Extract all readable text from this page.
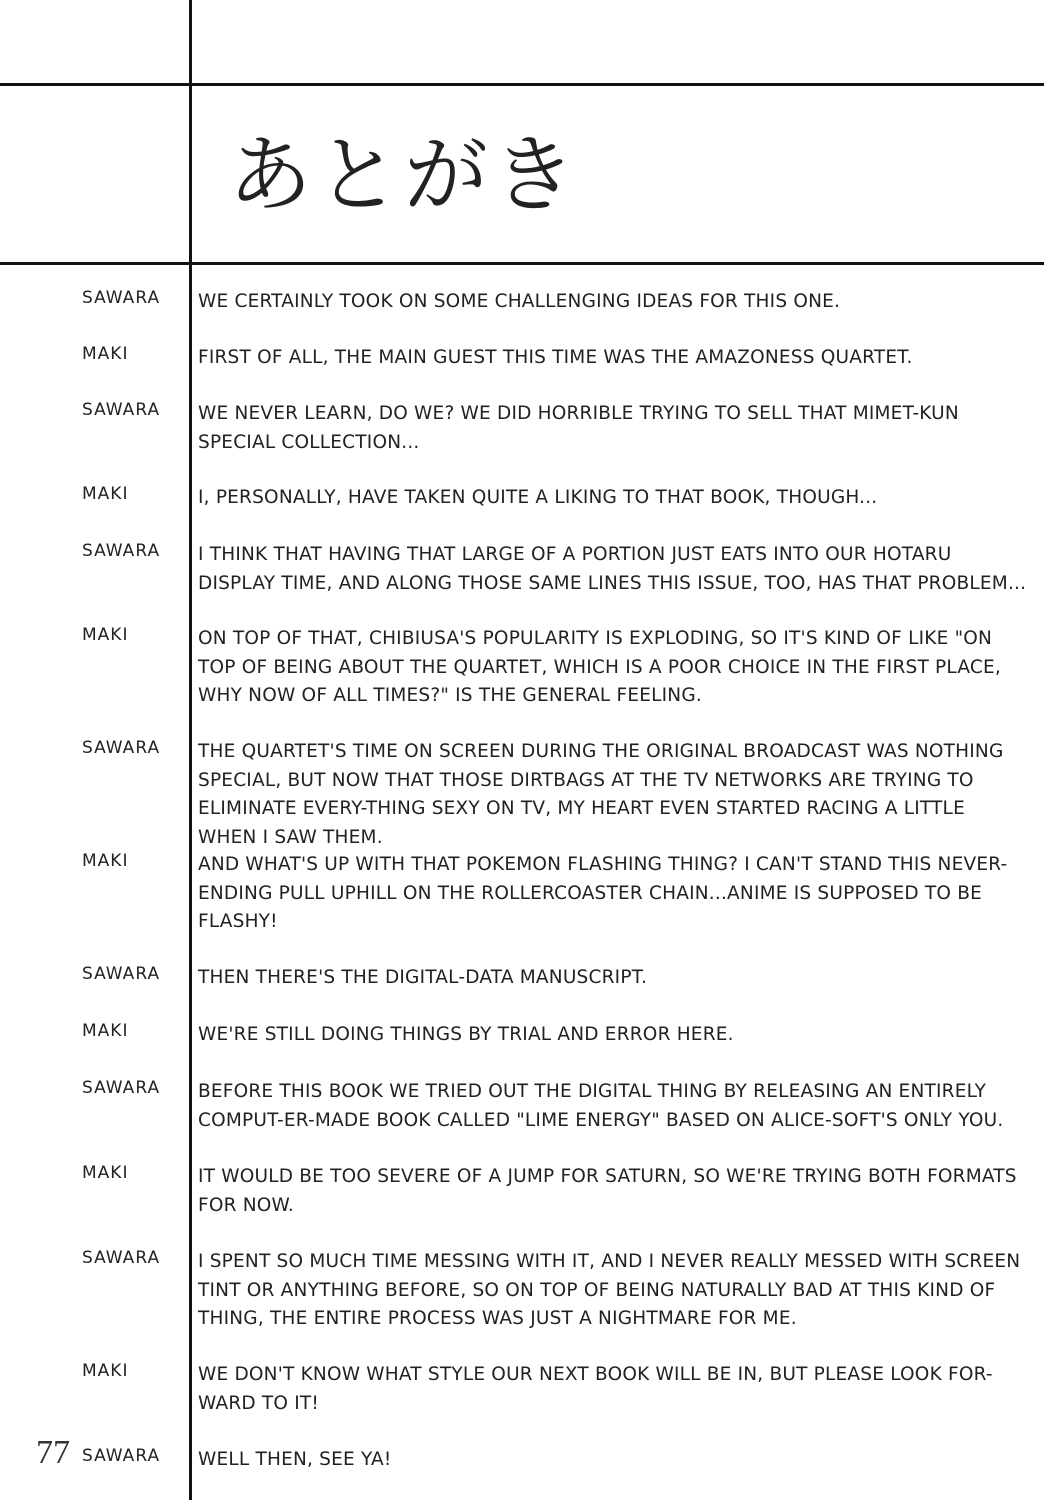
あとがき
SAWARA WE CERTAINLY TOOK ON SOME CHALLENGING IDEAS FOR THIS ONE.
MAKI	FIRST OF ALL, THE MAIN GUEST THIS TIME WAS THE AMAZONESS QUARTET.
SAWARA WE NEVER LEARN, DO WE? WE DID HORRIBLE TRYING TO SELL THAT MIMET-KUN SPECIAL COLLECTION...
MAKI	I, PERSONALLY, HAVE TAKEN QUITE A LIKING TO THAT BOOK, THOUGH...
SAWARA I THINK THAT HAVING THAT LARGE OF A PORTION JUST EATS INTO OUR HOTARU DISPLAY TIME, AND ALONG THOSE SAME LINES THIS ISSUE, TOO, HAS THAT PROBLEM...
MAKI	ON TOP OF THAT, CHIBIUSA'S POPULARITY IS EXPLODING, SO IT'S KIND OF LIKE "ON TOP OF BEING ABOUT THE QUARTET, WHICH IS A POOR CHOICE IN THE FIRST PLACE, WHY NOW OF ALL TIMES?" IS THE GENERAL FEELING.
SAWARA THE QUARTET'S TIME ON SCREEN DURING THE ORIGINAL BROADCAST WAS NOTHING SPECIAL, BUT NOW THAT THOSE DIRTBAGS AT THE TV NETWORKS ARE TRYING TO ELIMINATE EVERY-THING SEXY ON TV, MY HEART EVEN STARTED RACING A LITTLE WHEN I SAW THEM.
MAKI	AND WHAT'S UP WITH THAT POKEMON FLASHING THING? I CAN'T STAND THIS NEVER-ENDING PULL UPHILL ON THE ROLLERCOASTER CHAIN...ANIME IS SUPPOSED TO BE FLASHY!
SAWARA THEN THERE'S THE DIGITAL-DATA MANUSCRIPT.
MAKI	WE'RE STILL DOING THINGS BY TRIAL AND ERROR HERE.
SAWARA BEFORE THIS BOOK WE TRIED OUT THE DIGITAL THING BY RELEASING AN ENTIRELY COMPUT-ER-MADE BOOK CALLED "LIME ENERGY" BASED ON ALICE-SOFT'S ONLY YOU.
MAKI	IT WOULD BE TOO SEVERE OF A JUMP FOR SATURN, SO WE'RE TRYING BOTH FORMATS FOR NOW.
SAWARA I SPENT SO MUCH TIME MESSING WITH IT, AND I NEVER REALLY MESSED WITH SCREEN TINT OR ANYTHING BEFORE, SO ON TOP OF BEING NATURALLY BAD AT THIS KIND OF THING, THE ENTIRE PROCESS WAS JUST A NIGHTMARE FOR ME.
MAKI	WE DON'T KNOW WHAT STYLE OUR NEXT BOOK WILL BE IN, BUT PLEASE LOOK FOR-WARD TO IT!
SAWARA WELL THEN, SEE YA!
77
